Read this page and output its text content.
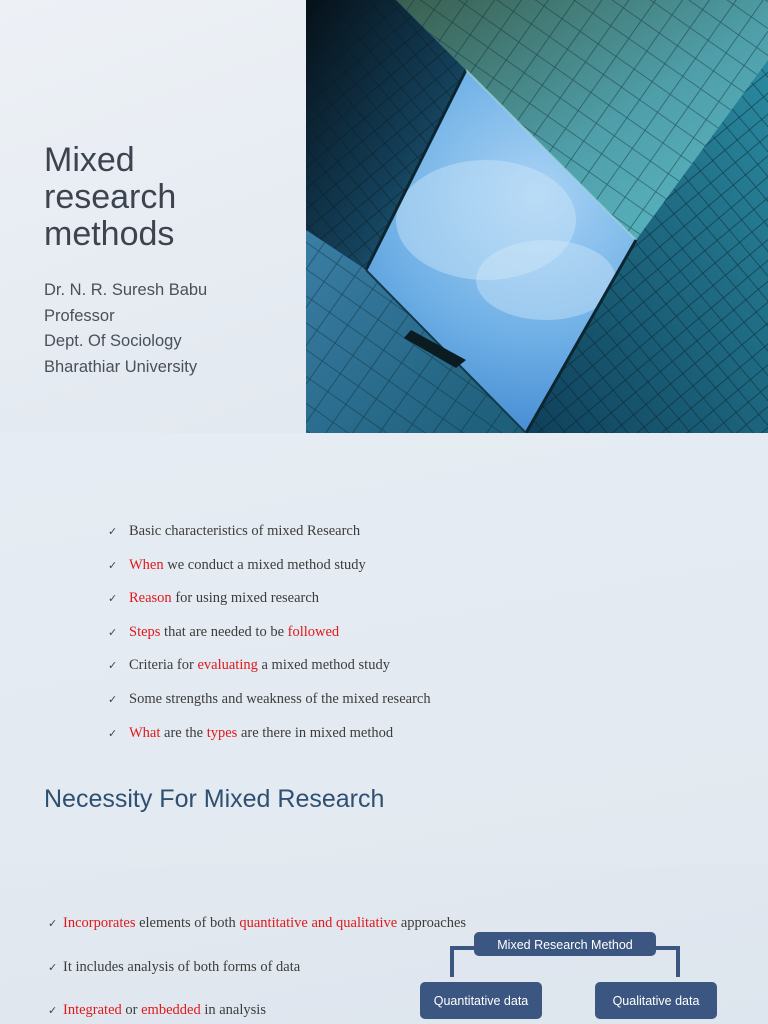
Mixed
research
methods
Dr. N. R. Suresh Babu
Professor
Dept. Of Sociology
Bharathiar University
✓ Basic characteristics of mixed Research
✓ When we conduct a mixed method study
✓ Reason for using mixed research
✓ Steps that are needed to be followed
✓ Criteria for evaluating a mixed method study
✓ Some strengths and weakness of the mixed research
✓ What are the types are there in mixed method
Necessity For Mixed Research
✓ Incorporates elements of both quantitative and qualitative approaches
✓ It includes analysis of both forms of data
✓ Integrated or embedded in analysis
Mixed Research Method
Quantitative data	Qualitative data
